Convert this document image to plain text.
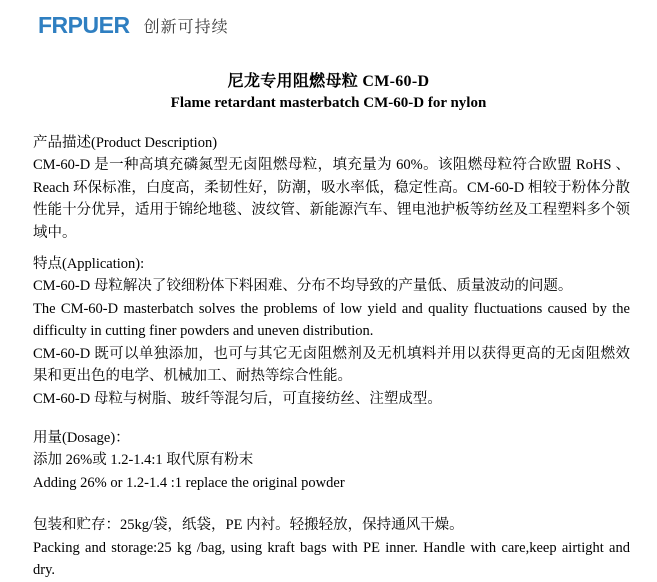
FRPUER 创新可持续
尼龙专用阻燃母粒 CM-60-D
Flame retardant masterbatch CM-60-D for nylon

产品描述(Product Description)

CM-60-D 是一种高填充磷氮型无卤阻燃母粒，填充量为 60%。该阻燃母粒符合欧盟 RoHS 、Reach 环保标准，白度高，柔韧性好，防潮，吸水率低，稳定性高。CM-60-D 相较于粉体分散性能十分优异，适用于锦纶地毯、波纹管、新能源汽车、锂电池护板等纺丝及工程塑料多个领域中。

特点(Application):

CM-60-D 母粒解决了铰细粉体下料困难、分布不均导致的产量低、质量波动的问题。

The CM-60-D masterbatch solves the problems of low yield and quality fluctuations caused by the difficulty in cutting finer powders and uneven distribution.

CM-60-D 既可以单独添加，也可与其它无卤阻燃剂及无机填料并用以获得更高的无卤阻燃效果和更出色的电学、机械加工、耐热等综合性能。

CM-60-D 母粒与树脂、玻纤等混匀后，可直接纺丝、注塑成型。

用量(Dosage)：

添加 26%或 1.2-1.4:1 取代原有粉末

Adding 26% or 1.2-1.4 :1 replace the original powder

包装和贮存：25kg/袋，纸袋，PE 内衬。轻搬轻放，保持通风干燥。

Packing and storage:25 kg /bag, using kraft bags with PE inner. Handle with care,keep airtight and dry.
